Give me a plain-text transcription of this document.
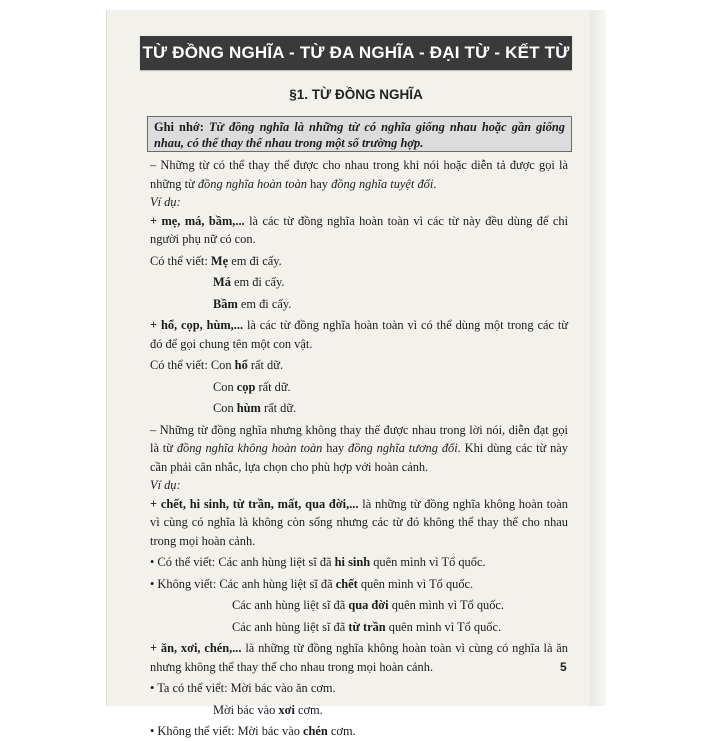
TỪ ĐỒNG NGHĨA - TỪ ĐA NGHĨA - ĐẠI TỪ - KẾT TỪ
§1. TỪ ĐỒNG NGHĨA
Ghi nhớ: Từ đồng nghĩa là những từ có nghĩa giống nhau hoặc gần giống nhau, có thể thay thế nhau trong một số trường hợp.

– Những từ có thể thay thế được cho nhau trong khi nói hoặc diễn tả được gọi là những từ đồng nghĩa hoàn toàn hay đồng nghĩa tuyệt đối.

Ví dụ:

+ mẹ, má, bầm,... là các từ đồng nghĩa hoàn toàn vì các từ này đều dùng để chỉ người phụ nữ có con.

Có thể viết: Mẹ em đi cấy.

Má em đi cấy.

Bầm em đi cấy.

+ hổ, cọp, hùm,... là các từ đồng nghĩa hoàn toàn vì có thể dùng một trong các từ đó để gọi chung tên một con vật.

Có thể viết: Con hổ rất dữ.

Con cọp rất dữ.

Con hùm rất dữ.

– Những từ đồng nghĩa nhưng không thay thế được nhau trong lời nói, diễn đạt gọi là từ đồng nghĩa không hoàn toàn hay đồng nghĩa tương đối. Khi dùng các từ này cần phải cân nhắc, lựa chọn cho phù hợp với hoàn cảnh.

Ví dụ:

+ chết, hi sinh, từ trần, mất, qua đời,... là những từ đồng nghĩa không hoàn toàn vì cùng có nghĩa là không còn sống nhưng các từ đó không thể thay thế cho nhau trong mọi hoàn cảnh.

• Có thể viết: Các anh hùng liệt sĩ đã hi sinh quên mình vì Tổ quốc.

• Không viết: Các anh hùng liệt sĩ đã chết quên mình vì Tổ quốc.

Các anh hùng liệt sĩ đã qua đời quên mình vì Tổ quốc.

Các anh hùng liệt sĩ đã từ trần quên mình vì Tổ quốc.

+ ăn, xơi, chén,... là những từ đồng nghĩa không hoàn toàn vì cùng có nghĩa là ăn nhưng không thể thay thế cho nhau trong mọi hoàn cảnh.

• Ta có thể viết: Mời bác vào ăn cơm.

Mời bác vào xơi cơm.

• Không thể viết: Mời bác vào chén cơm.

5
